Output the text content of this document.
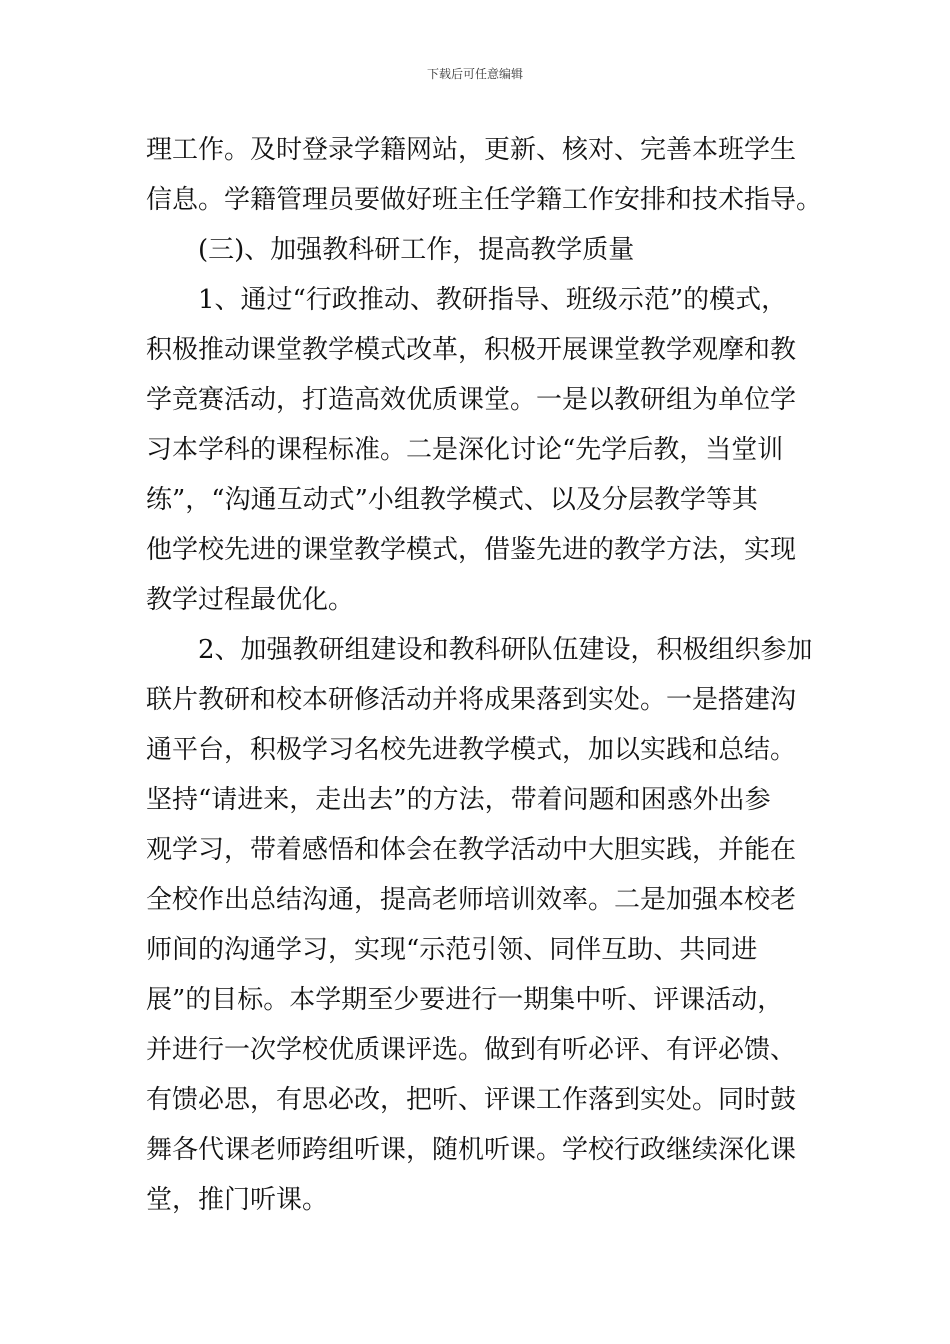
下载后可任意编辑
理工作。及时登录学籍网站，更新、核对、完善本班学生
信息。学籍管理员要做好班主任学籍工作安排和技术指导。
(三)、加强教科研工作，提高教学质量
1、通过“行政推动、教研指导、班级示范”的模式，
积极推动课堂教学模式改革，积极开展课堂教学观摩和教
学竞赛活动，打造高效优质课堂。一是以教研组为单位学
习本学科的课程标准。二是深化讨论“先学后教，当堂训
练”，“沟通互动式”小组教学模式、以及分层教学等其
他学校先进的课堂教学模式，借鉴先进的教学方法，实现
教学过程最优化。
2、加强教研组建设和教科研队伍建设，积极组织参加
联片教研和校本研修活动并将成果落到实处。一是搭建沟
通平台，积极学习名校先进教学模式，加以实践和总结。
坚持“请进来，走出去”的方法，带着问题和困惑外出参
观学习，带着感悟和体会在教学活动中大胆实践，并能在
全校作出总结沟通，提高老师培训效率。二是加强本校老
师间的沟通学习，实现“示范引领、同伴互助、共同进
展”的目标。本学期至少要进行一期集中听、评课活动，
并进行一次学校优质课评选。做到有听必评、有评必馈、
有馈必思，有思必改，把听、评课工作落到实处。同时鼓
舞各代课老师跨组听课，随机听课。学校行政继续深化课
堂，推门听课。
